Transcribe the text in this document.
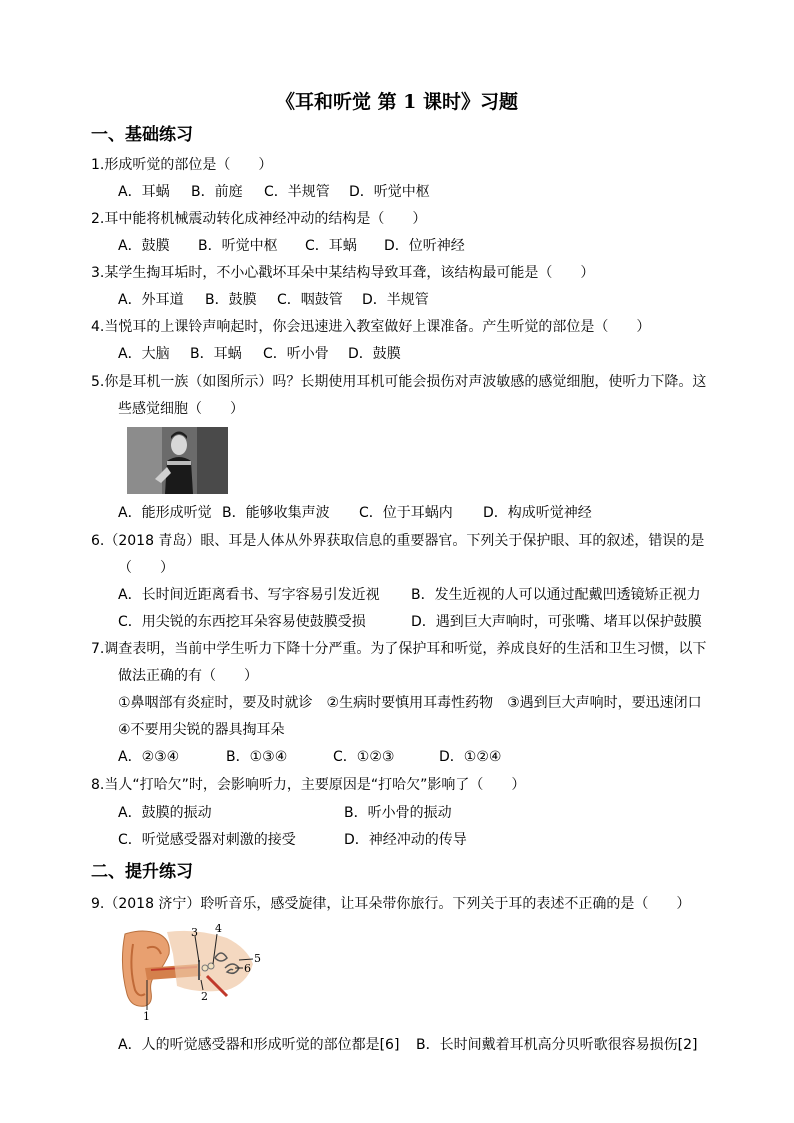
《耳和听觉 第 1 课时》习题
一、基础练习
1.形成听觉的部位是（　　）
A．耳蜗 B．前庭 C．半规管 D．听觉中枢
2.耳中能将机械震动转化成神经冲动的结构是（　　）
A．鼓膜 B．听觉中枢 C．耳蜗 D．位听神经
3.某学生掏耳垢时，不小心戳坏耳朵中某结构导致耳聋，该结构最可能是（　　）
A．外耳道 B．鼓膜 C．咽鼓管 D．半规管
4.当悦耳的上课铃声响起时，你会迅速进入教室做好上课准备。产生听觉的部位是（　　）
A．大脑 B．耳蜗 C．听小骨 D．鼓膜
5.你是耳机一族（如图所示）吗？长期使用耳机可能会损伤对声波敏感的感觉细胞，使听力下降。这
些感觉细胞（　　）
A．能形成听觉 B．能够收集声波 C．位于耳蜗内 D．构成听觉神经
6.（2018 青岛）眼、耳是人体从外界获取信息的重要器官。下列关于保护眼、耳的叙述，错误的是
（　　）
A．长时间近距离看书、写字容易引发近视 B．发生近视的人可以通过配戴凹透镜矫正视力
C．用尖锐的东西挖耳朵容易使鼓膜受损	D．遇到巨大声响时，可张嘴、堵耳以保护鼓膜
7.调查表明，当前中学生听力下降十分严重。为了保护耳和听觉，养成良好的生活和卫生习惯，以下
做法正确的有（　　）
①鼻咽部有炎症时，要及时就诊　②生病时要慎用耳毒性药物　③遇到巨大声响时，要迅速闭口
④不要用尖锐的器具掏耳朵
A．②③④	B．①③④	C．①②③	D．①②④
8.当人“打哈欠”时，会影响听力，主要原因是“打哈欠”影响了（　　）
A．鼓膜的振动	B．听小骨的振动
C．听觉感受器对刺激的接受	D．神经冲动的传导
二、提升练习
9.（2018 济宁）聆听音乐，感受旋律，让耳朵带你旅行。下列关于耳的表述不正确的是（　　）
1
2
3 4
5
6
A．人的听觉感受器和形成听觉的部位都是[6] B．长时间戴着耳机高分贝听歌很容易损伤[2]
